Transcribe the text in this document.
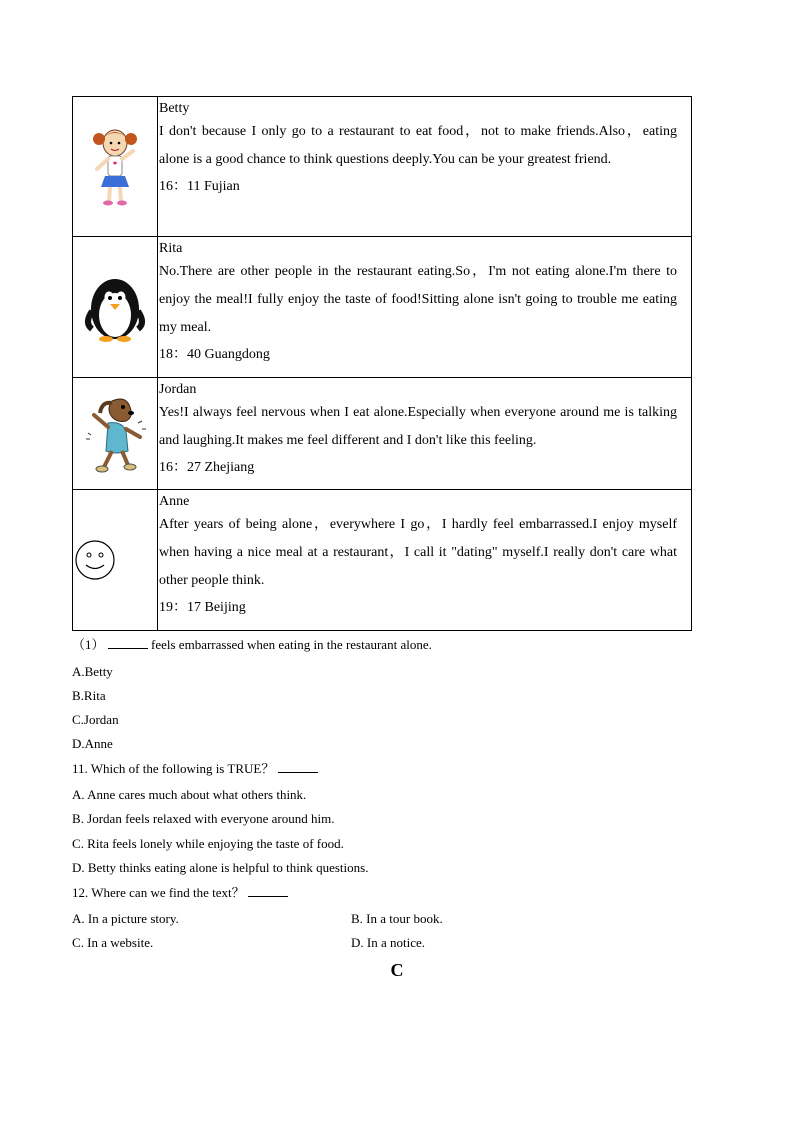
Betty

I don't because I only go to a restaurant to eat food，not to make friends.Also，eating alone is a good chance to think questions deeply.You can be your greatest friend.

16：11 Fujian

Rita

No.There are other people in the restaurant eating.So，I'm not eating alone.I'm there to enjoy the meal!I fully enjoy the taste of food!Sitting alone isn't going to trouble me eating my meal.

18：40 Guangdong

Jordan

Yes!I always feel nervous when I eat alone.Especially when everyone around me is talking and laughing.It makes me feel different and I don't like this feeling.

16：27 Zhejiang

Anne

After years of being alone，everywhere I go，I hardly feel embarrassed.I enjoy myself when having a nice meal at a restaurant，I call it "dating" myself.I really don't care what other people think.

19：17 Beijing

（1）	feels embarrassed when eating in the restaurant alone.
A.Betty
B.Rita
C.Jordan
D.Anne
11. Which of the following is TRUE？
A. Anne cares much about what others think.
B. Jordan feels relaxed with everyone around him.
C. Rita feels lonely while enjoying the taste of food.
D. Betty thinks eating alone is helpful to think questions.
12. Where can we find the text？
A. In a picture story.	B. In a tour book.
C. In a website.	D. In a notice.
C
